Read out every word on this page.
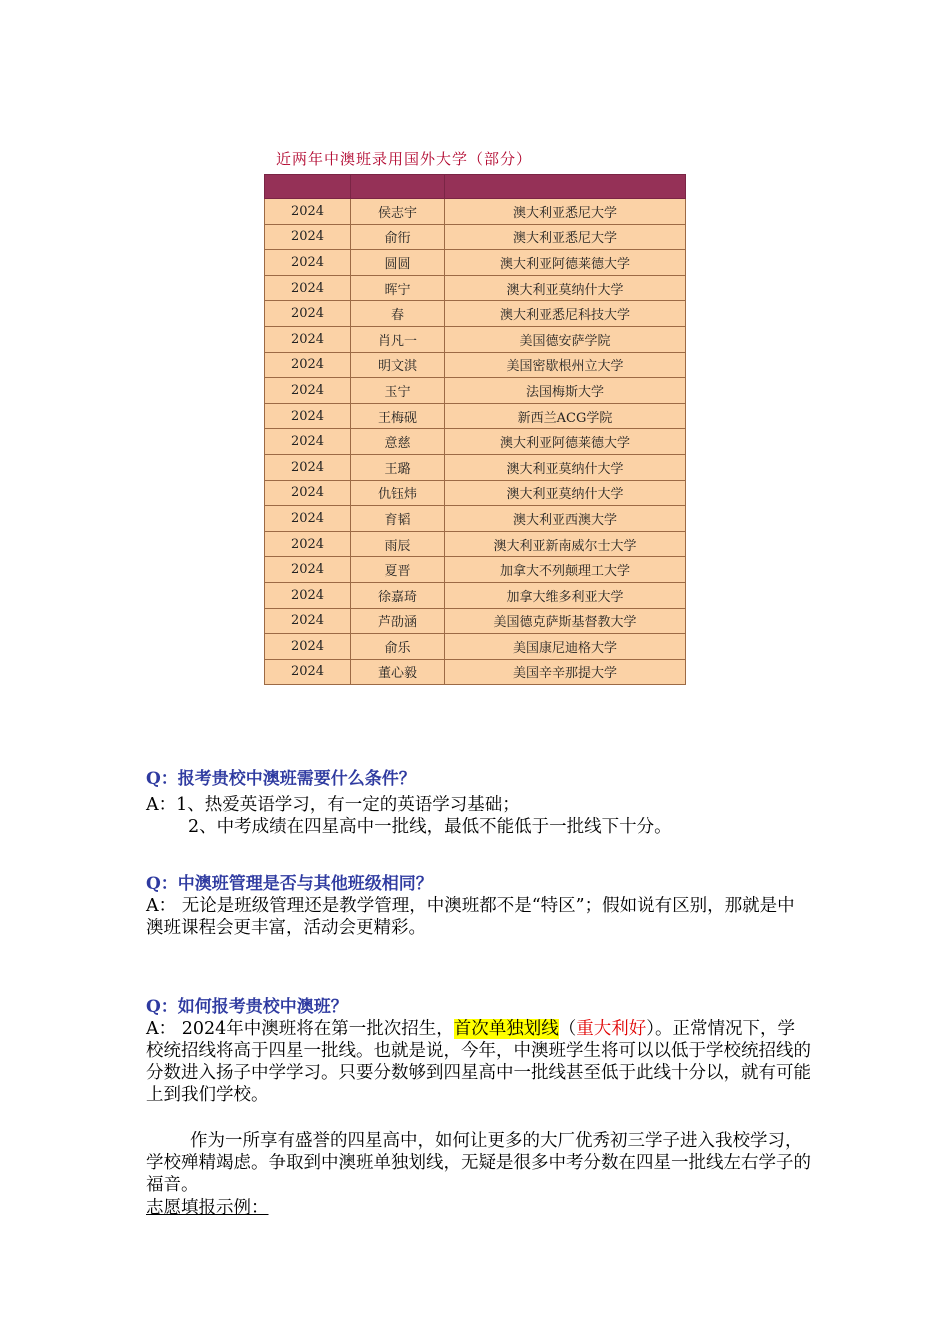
近两年中澳班录用国外大学（部分）

2024	侯志宇	澳大利亚悉尼大学
2024	俞衎	澳大利亚悉尼大学
2024	圆圆	澳大利亚阿德莱德大学
2024	晖宁	澳大利亚莫纳什大学
2024	春	澳大利亚悉尼科技大学
2024	肖凡一	美国德安萨学院
2024	明文淇	美国密歇根州立大学
2024	玉宁	法国梅斯大学
2024	王梅砚	新西兰ACG学院
2024	意慈	澳大利亚阿德莱德大学
2024	王璐	澳大利亚莫纳什大学
2024	仇钰炜	澳大利亚莫纳什大学
2024	育韬	澳大利亚西澳大学
2024	雨辰	澳大利亚新南威尔士大学
2024	夏晋	加拿大不列颠理工大学
2024	徐嘉琦	加拿大维多利亚大学
2024	芦劭涵	美国德克萨斯基督教大学
2024	俞乐	美国康尼迪格大学
2024	董心毅	美国辛辛那提大学
Q：报考贵校中澳班需要什么条件？
A：1、热爱英语学习，有一定的英语学习基础；
2、中考成绩在四星高中一批线，最低不能低于一批线下十分。
Q：中澳班管理是否与其他班级相同？
A： 无论是班级管理还是教学管理，中澳班都不是“特区”；假如说有区别，那就是中澳班课程会更丰富，活动会更精彩。
Q：如何报考贵校中澳班？
A： 2024年中澳班将在第一批次招生，首次单独划线（重大利好）。正常情况下，学校统招线将高于四星一批线。也就是说，今年，中澳班学生将可以以低于学校统招线的分数进入扬子中学学习。只要分数够到四星高中一批线甚至低于此线十分以，就有可能上到我们学校。
作为一所享有盛誉的四星高中，如何让更多的大厂优秀初三学子进入我校学习，学校殚精竭虑。争取到中澳班单独划线，无疑是很多中考分数在四星一批线左右学子的福音。
志愿填报示例：
